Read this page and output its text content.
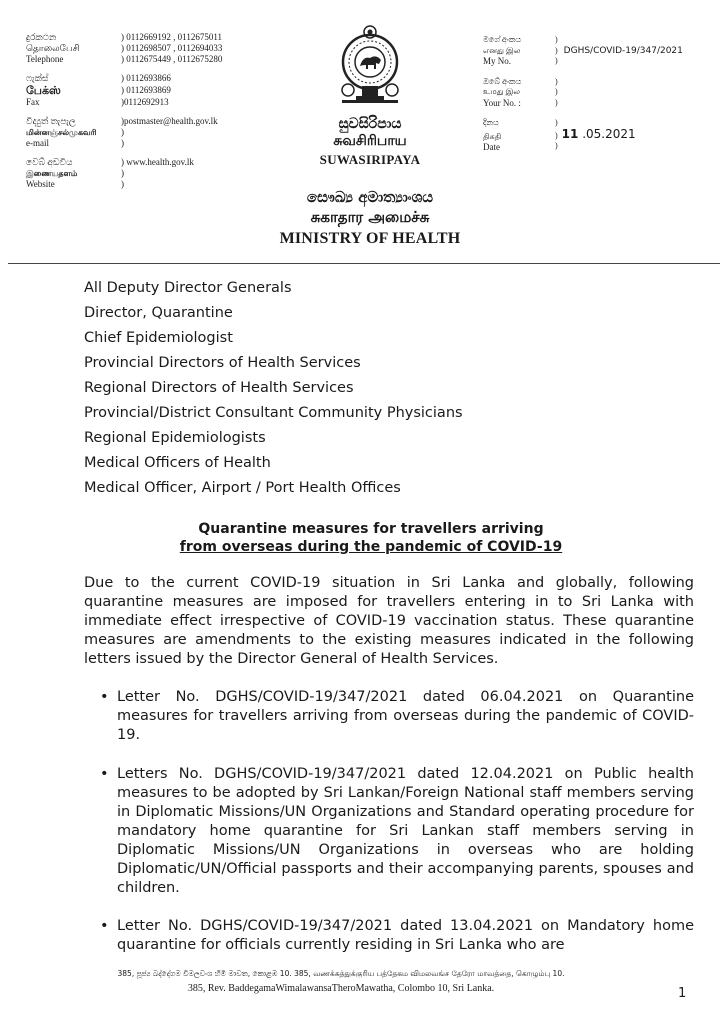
දුරකථන
தொலைபேசி
Telephone
) 0112669192 , 0112675011
) 0112698507 , 0112694033
) 0112675449 , 0112675280
ෆැක්ස්
பேக்ஸ்
Fax
) 0112693866
) 0112693869
)0112692913
විද්‍යුත් තැපැල
மின்னஞ்சல்முகவரி
e-mail
)postmaster@health.gov.lk
)
)
වෙබ් අඩවිය
இணையதளம்
Website
) www.health.gov.lk
)
)
සුවසිරිපාය
சுவசிரிபாய
SUWASIRIPAYA
සෞඛ්‍ය අමාත්‍යාංශය
சுகாதார அமைச்சு
MINISTRY OF HEALTH
මගේ අංකය
எனது இல
My No.
)
) DGHS/COVID-19/347/2021
)
ඔබේ අංකය
உமது இல
Your No. :
)
)
)
දිනය
திகதி
Date
)
) 11 .05.2021
)
All Deputy Director Generals
Director, Quarantine
Chief Epidemiologist
Provincial Directors of Health Services
Regional Directors of Health Services
Provincial/District Consultant Community Physicians
Regional Epidemiologists
Medical Officers of Health
Medical Officer, Airport / Port Health Offices
Quarantine measures for travellers arriving
from overseas during the pandemic of COVID-19
Due to the current COVID-19 situation in Sri Lanka and globally, following quarantine measures are imposed for travellers entering in to Sri Lanka with immediate effect irrespective of COVID-19 vaccination status. These quarantine measures are amendments to the existing measures indicated in the following letters issued by the Director General of Health Services.
• Letter No. DGHS/COVID-19/347/2021 dated 06.04.2021 on Quarantine measures for travellers arriving from overseas during the pandemic of COVID-19.
• Letters No. DGHS/COVID-19/347/2021 dated 12.04.2021 on Public health measures to be adopted by Sri Lankan/Foreign National staff members serving in Diplomatic Missions/UN Organizations and Standard operating procedure for mandatory home quarantine for Sri Lankan staff members serving in Diplomatic Missions/UN Organizations in overseas who are holding Diplomatic/UN/Official passports and their accompanying parents, spouses and children.
• Letter No. DGHS/COVID-19/347/2021 dated 13.04.2021 on Mandatory home quarantine for officials currently residing in Sri Lanka who are
385, පූජ්‍ය බද්දේගම විමලවංශ හිමි මාවත, කොළඹ 10. 385, வணக்கத்துக்குரிய பத்தேகம விமலவங்ச தேரோ மாவத்தை, கொழும்பு 10.
385, Rev. BaddegamaWimalawansaTheroMawatha, Colombo 10, Sri Lanka.	1
